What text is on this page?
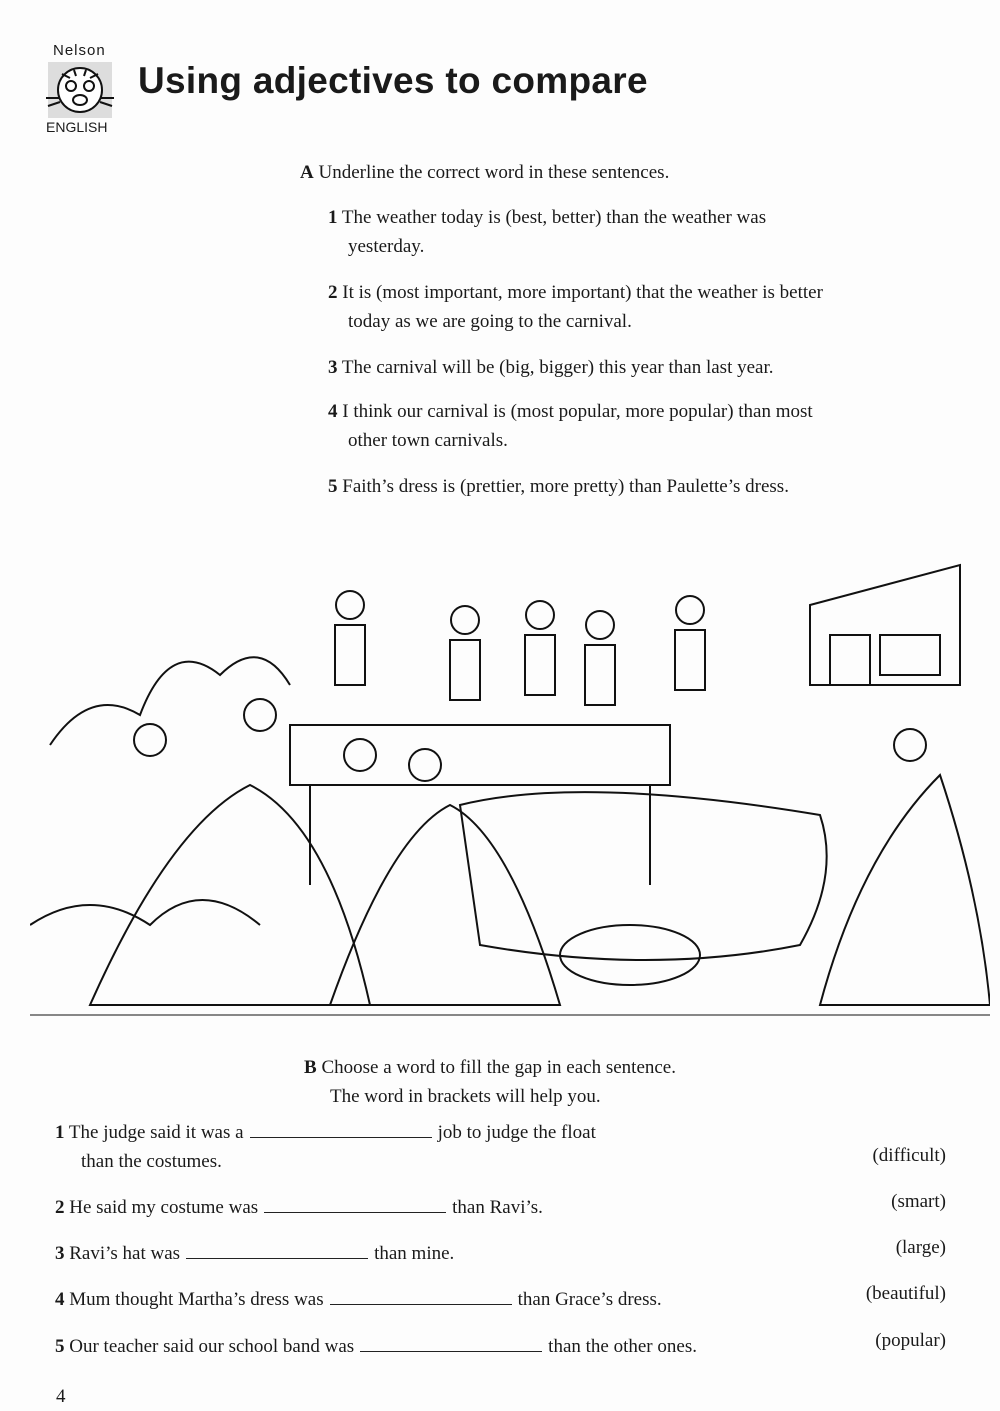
Nelson
ENGLISH
Using adjectives to compare
A Underline the correct word in these sentences.
1 The weather today is (best, better) than the weather was
yesterday.
2 It is (most important, more important) that the weather is better
today as we are going to the carnival.
3 The carnival will be (big, bigger) this year than last year.
4 I think our carnival is (most popular, more popular) than most
other town carnivals.
5 Faith’s dress is (prettier, more pretty) than Paulette’s dress.
B Choose a word to fill the gap in each sentence.
The word in brackets will help you.
1 The judge said it was a	job to judge the float
than the costumes.	(difficult)
2 He said my costume was	than Ravi’s.	(smart)
3 Ravi’s hat was	than mine.	(large)
4 Mum thought Martha’s dress was	than Grace’s dress.	(beautiful)
5 Our teacher said our school band was	than the other ones.	(popular)
4
